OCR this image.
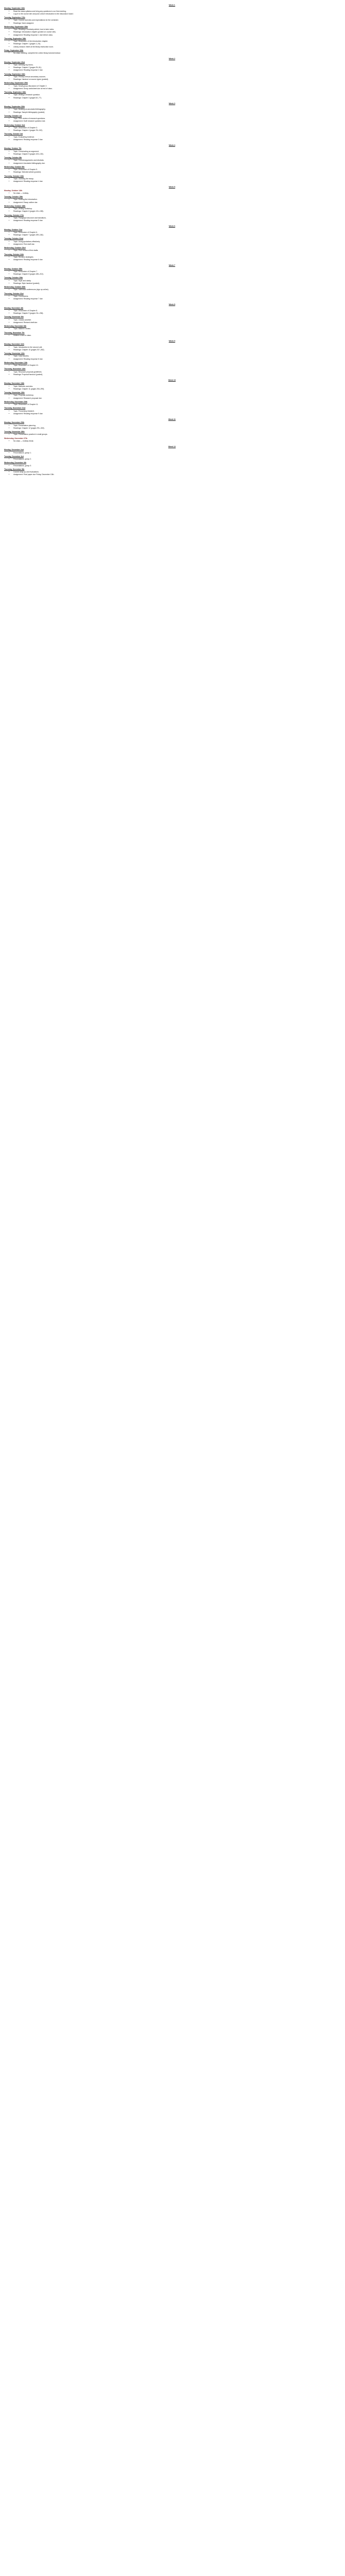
Week 1
Monday, September 16th
• Read the class syllabus and bring any questions to our first meeting.
• Log in to the course site and post a short introduction to the discussion board.
Tuesday, September 17th
• Topic: Course overview and expectations for the semester.
• Readings: None assigned.
Wednesday, September 18th
• Topic: Reading a scholarly article; how to take notes.
• Readings: Introduction chapter (posted on course site).
• Assignment: Reading response 1 due before class.
Thursday, September 19th
• Topic: Discussion of the introduction chapter.
• Readings: Chapter 1 (pages 1–24).
• Library session: Meet at the library instruction room.
Friday, September 20th
• No class meeting; complete the online library tutorial instead.
Week 2
Monday, September 23rd
• Topic: Defining key terms.
• Readings: Chapter 2 (pages 25–51).
• Assignment: Reading response 2 due.
Tuesday, September 24th
• Topic: Primary versus secondary sources.
• Readings: Handout on source types (posted).
Wednesday, September 25th
• Topic: Small group discussion of Chapter 2.
• Assignment: Group worksheet due at end of class.
Thursday, September 26th
• Topic: Writing a research question.
• Readings: Chapter 3 (pages 52–77).
Week 3
Monday, September 30th
• Topic: Building an annotated bibliography.
• Readings: Sample bibliography (posted).
Tuesday, October 1st
• Topic: Peer review of research questions.
• Assignment: Draft research question due.
Wednesday, October 2nd
• Topic: Discussion of Chapter 3.
• Readings: Chapter 4 (pages 78–102).
Thursday, October 3rd
• Topic: Evaluating evidence.
• Assignment: Reading response 3 due.
Week 4
Monday, October 7th
• Topic: Constructing an argument.
• Readings: Chapter 5 (pages 103–130).
Tuesday, October 8th
• Topic: Counterarguments and rebuttals.
• Assignment: Annotated bibliography due.
Wednesday, October 9th
• Topic: Discussion of Chapter 5.
• Readings: Selected article (posted).
Thursday, October 10th
• Topic: Outlining the essay.
• Assignment: Reading response 4 due.
Week 5
Monday, October 14th
• No class — holiday.
Tuesday, October 15th
• Topic: Drafting the introduction.
• Assignment: Essay outline due.
Wednesday, October 16th
• Topic: Writing workshop.
• Readings: Chapter 6 (pages 131–158).
Thursday, October 17th
• Topic: Paragraph structure and transitions.
• Assignment: Reading response 5 due.
Week 6
Monday, October 21st
• Topic: Discussion of Chapter 6.
• Readings: Chapter 7 (pages 159–184).
Tuesday, October 22nd
• Topic: Using quotations effectively.
• Assignment: First draft due.
Wednesday, October 23rd
• Topic: Peer review of first drafts.
Thursday, October 24th
• Topic: Revision strategies.
• Assignment: Reading response 6 due.
Week 7
Monday, October 28th
• Topic: Discussion of Chapter 7.
• Readings: Chapter 8 (pages 185–210).
Tuesday, October 29th
• Topic: Style and clarity.
• Readings: Style handout (posted).
Wednesday, October 30th
• Topic: Individual conferences (sign up online).
Thursday, October 31st
• Topic: Conclusions.
• Assignment: Reading response 7 due.
Week 8
Monday, November 4th
• Topic: Discussion of Chapter 8.
• Readings: Chapter 9 (pages 211–236).
Tuesday, November 5th
• Topic: Citation practice.
• Assignment: Revised draft due.
Wednesday, November 6th
• Topic: Midterm review.
Thursday, November 7th
• Midterm exam in class.
Week 9
Monday, November 11th
• Topic: Introduction to the second unit.
• Readings: Chapter 10 (pages 237–262).
Tuesday, November 12th
• Topic: Case studies.
• Assignment: Reading response 8 due.
Wednesday, November 13th
• Topic: Discussion of Chapter 10.
Thursday, November 14th
• Topic: Research proposal guidelines.
• Readings: Proposal handout (posted).
Week 10
Monday, November 18th
• Topic: Methods overview.
• Readings: Chapter 11 (pages 263–290).
Tuesday, November 19th
• Topic: Proposal workshop.
• Assignment: Research proposal due.
Wednesday, November 20th
• Topic: Discussion of Chapter 11.
Thursday, November 21st
• Topic: Presenting research.
• Assignment: Reading response 9 due.
Week 11
Monday, November 25th
• Topic: Presentation planning.
• Readings: Chapter 12 (pages 291–315).
Tuesday, November 26th
• Topic: Presentation practice in small groups.
Wednesday, November 27th
• No class — holiday break.
Week 12
Monday, December 2nd
• Presentations, group 1.
Tuesday, December 3rd
• Presentations, group 2.
Wednesday, December 4th
• Presentations, group 3.
Thursday, December 5th
• Course wrap-up and evaluations.
• Assignment: Final paper due Friday, December 13th.
